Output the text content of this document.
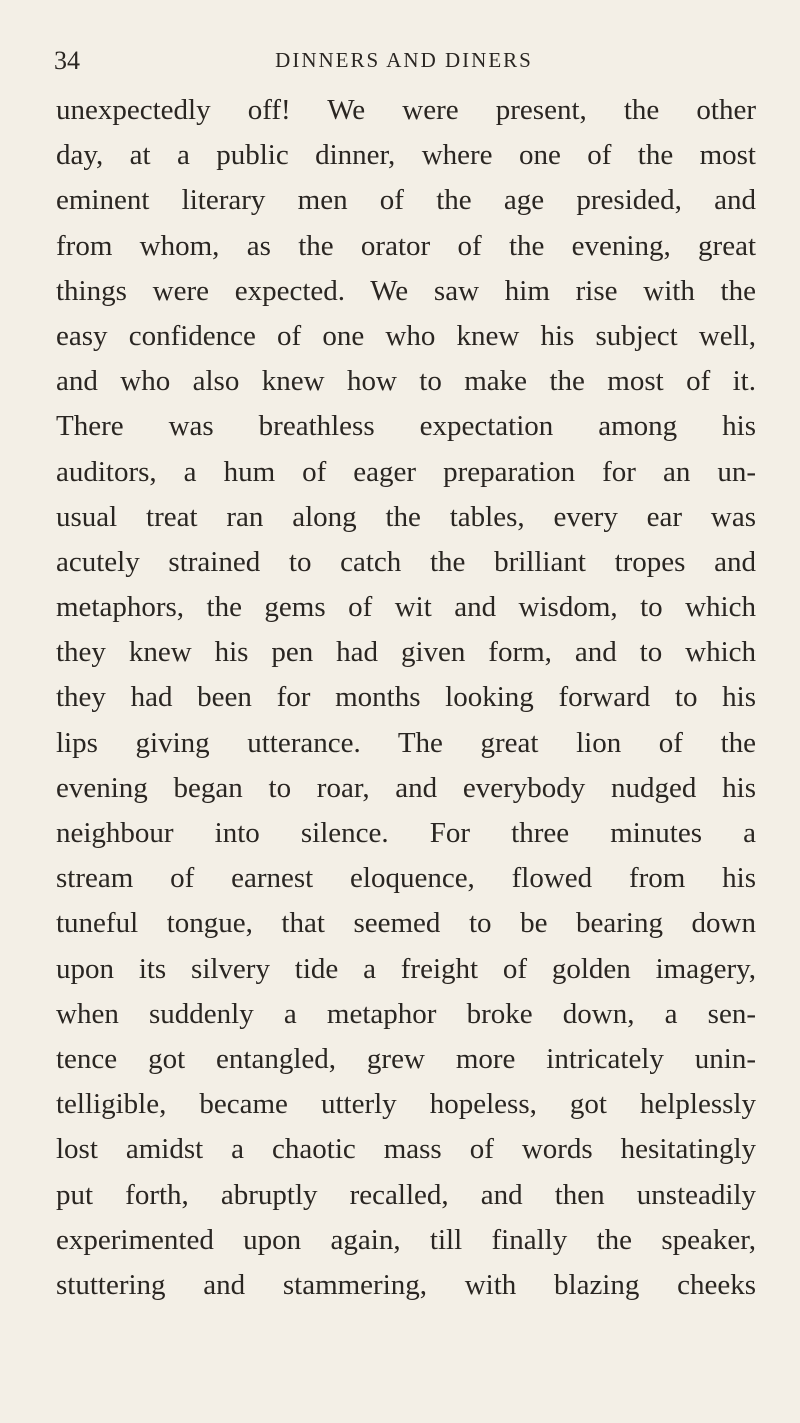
34	DINNERS AND DINERS
unexpectedly off! We were present, the other
day, at a public dinner, where one of the most
eminent literary men of the age presided, and
from whom, as the orator of the evening, great
things were expected. We saw him rise with the
easy confidence of one who knew his subject well,
and who also knew how to make the most of it.
There was breathless expectation among his
auditors, a hum of eager preparation for an un-
usual treat ran along the tables, every ear was
acutely strained to catch the brilliant tropes and
metaphors, the gems of wit and wisdom, to which
they knew his pen had given form, and to which
they had been for months looking forward to his
lips giving utterance. The great lion of the
evening began to roar, and everybody nudged his
neighbour into silence. For three minutes a
stream of earnest eloquence, flowed from his
tuneful tongue, that seemed to be bearing down
upon its silvery tide a freight of golden imagery,
when suddenly a metaphor broke down, a sen-
tence got entangled, grew more intricately unin-
telligible, became utterly hopeless, got helplessly
lost amidst a chaotic mass of words hesitatingly
put forth, abruptly recalled, and then unsteadily
experimented upon again, till finally the speaker,
stuttering and stammering, with blazing cheeks
